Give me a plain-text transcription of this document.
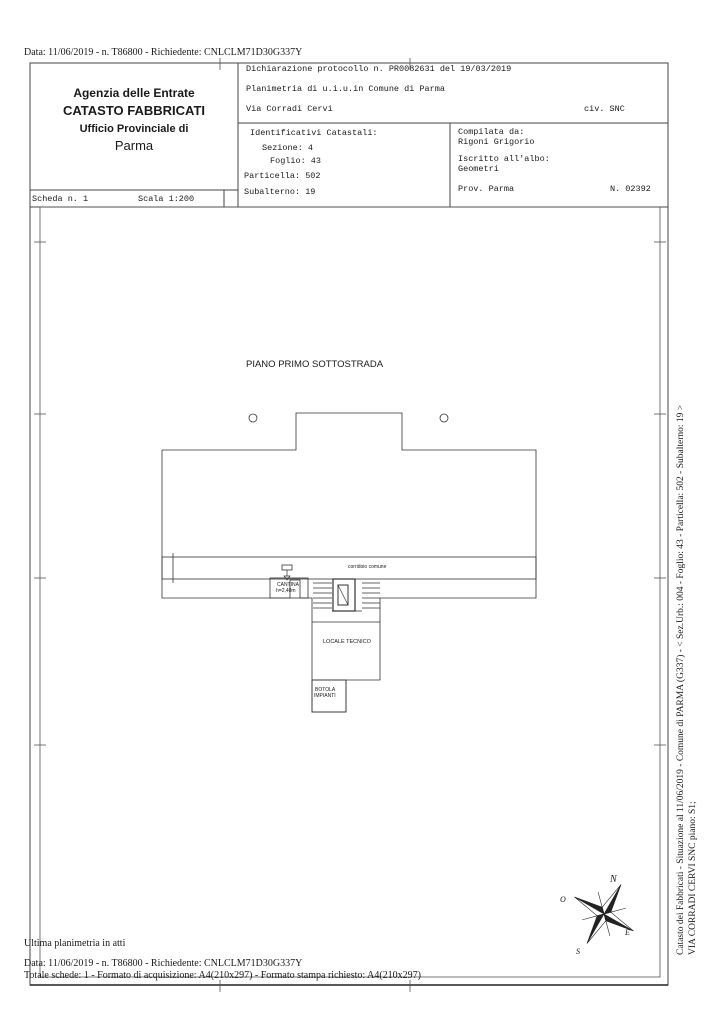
Data: 11/06/2019 - n. T86800 - Richiedente: CNLCLM71D30G337Y
Agenzia delle Entrate
CATASTO FABBRICATI
Ufficio Provinciale di
Parma
Dichiarazione protocollo n. PR0082631 del 19/03/2019
Planimetria di u.i.u.in Comune di Parma
Via Corradi Cervi	civ. SNC
Identificativi Catastali:
Sezione: 4
Foglio: 43
Particella: 502
Subalterno: 19
Compilata da:
Rigoni Grigorio
Iscritto all'albo:
Geometri
Prov. Parma	N. 02392
Scheda n. 1	Scala 1:200
PIANO PRIMO SOTTOSTRADA
corridoio comune
CANTINA
h=2,40m
LOCALE TECNICO
BOTOLA
IMPIANTI
N
E
S
O	Catasto dei Fabbricati - Situazione al 11/06/2019 - Comune di PARMA (G337) - < Sez.Urb.: 004 - Foglio: 43 - Particella: 502 - Subalterno: 19 > VIA CORRADI CERVI SNC piano: S1;
Ultima planimetria in atti
Data: 11/06/2019 - n. T86800 - Richiedente: CNLCLM71D30G337Y
Totale schede: 1 - Formato di acquisizione: A4(210x297) - Formato stampa richiesto: A4(210x297)
